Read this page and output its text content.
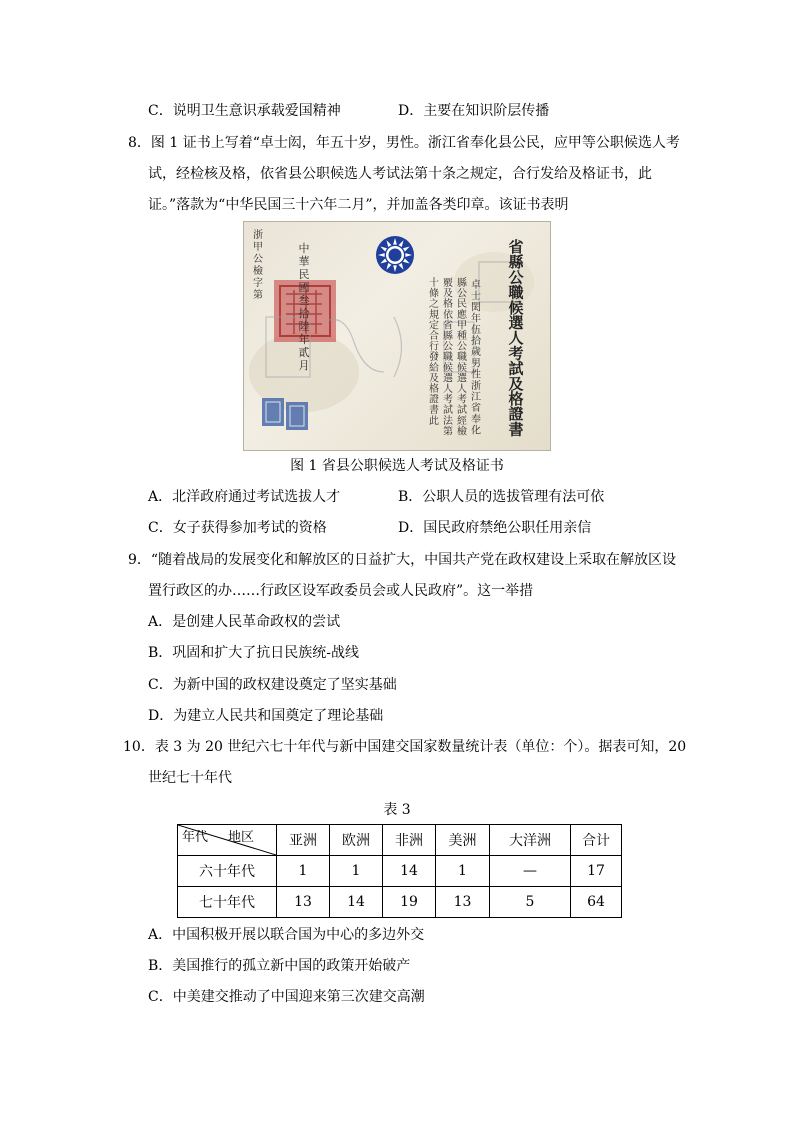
C．说明卫生意识承载爱国精神	D．主要在知识阶层传播
8．图 1 证书上写着“卓士闳，年五十岁，男性。浙江省奉化县公民，应甲等公职候选人考
试，经检核及格，依省县公职候选人考试法第十条之规定，合行发给及格证书，此
证。”落款为“中华民国三十六年二月”，并加盖各类印章。该证书表明
省
縣
公
職
候
選
人
考
試
及
格
證
書
浙
甲
公
檢
字
第
中
華
民
國
叁
拾
陸
年
貳
月
卓
士
閎
年
伍
拾
歲
男
性
浙
江
省
奉
化
縣
公
民
應
甲
種
公
職
候
選
人
考
試
經
檢
覈
及
格
依
省
縣
公
職
候
選
人
考
試
法
第
十
條
之
規
定
合
行
發
給
及
格
證
書
此
图 1 省县公职候选人考试及格证书
A．北洋政府通过考试选拔人才	B．公职人员的选拔管理有法可依
C．女子获得参加考试的资格	D．国民政府禁绝公职任用亲信
9．“随着战局的发展变化和解放区的日益扩大，中国共产党在政权建设上采取在解放区设
置行政区的办……行政区设军政委员会或人民政府”。这一举措
A．是创建人民革命政权的尝试
B．巩固和扩大了抗日民族统-战线
C．为新中国的政权建设奠定了坚实基础
D．为建立人民共和国奠定了理论基础
10．表 3 为 20 世纪六七十年代与新中国建交国家数量统计表（单位：个）。据表可知，20
世纪七十年代
表 3
年代 地区	亚洲	欧洲	非洲	美洲	大洋洲	合计
六十年代	1	1	14	1	—	17
七十年代	13	14	19	13	5	64
A．中国积极开展以联合国为中心的多边外交
B．美国推行的孤立新中国的政策开始破产
C．中美建交推动了中国迎来第三次建交高潮
